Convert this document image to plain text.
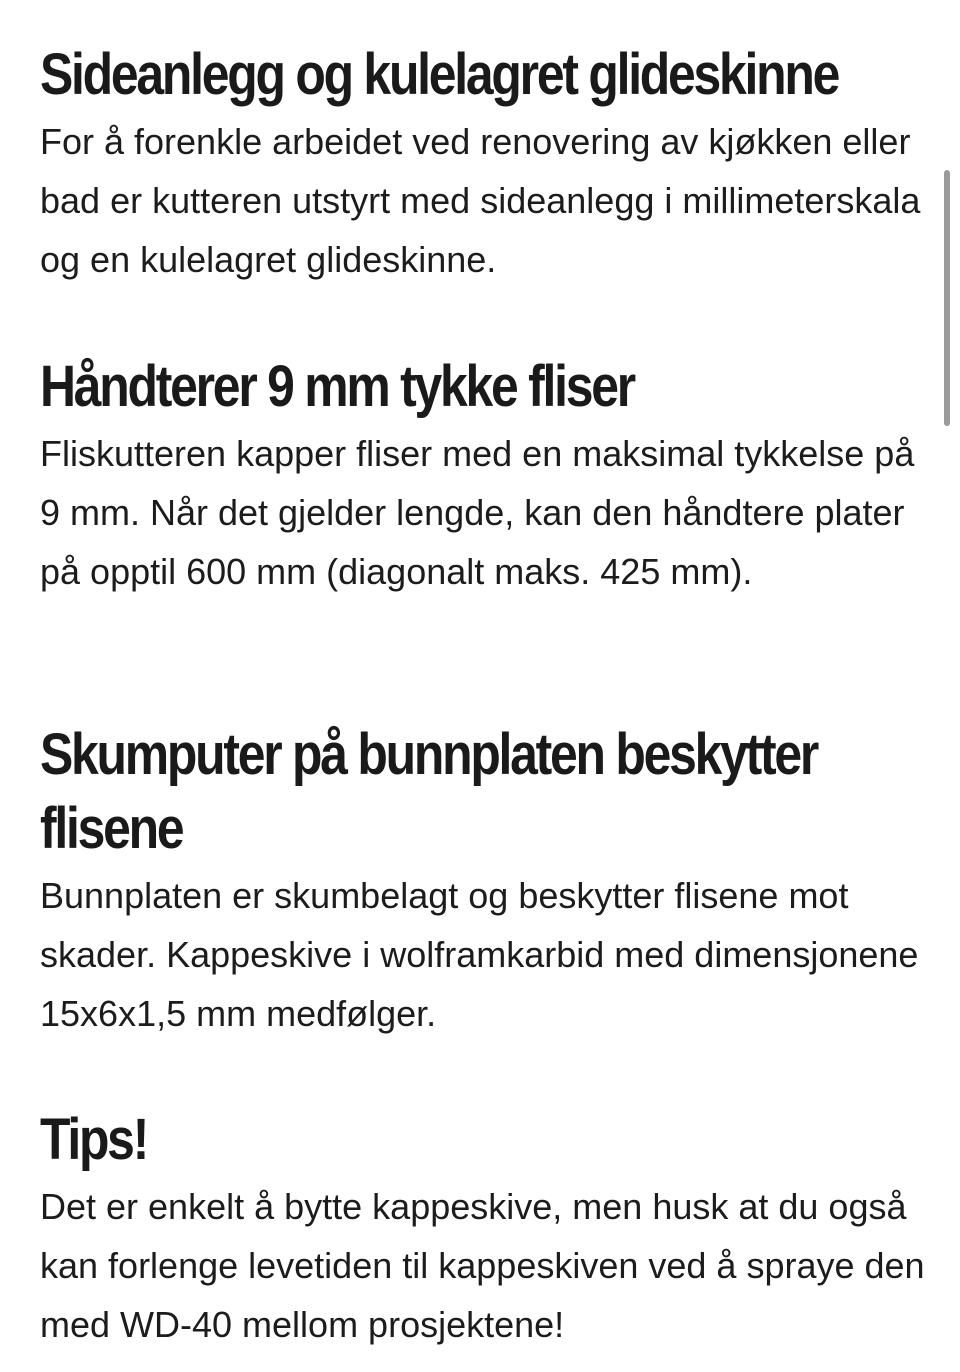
Sideanlegg og kulelagret glideskinne

For å forenkle arbeidet ved renovering av kjøkken eller bad er kutteren utstyrt med sideanlegg i millimeterskala og en kulelagret glideskinne.

Håndterer 9 mm tykke fliser

Fliskutteren kapper fliser med en maksimal tykkelse på 9 mm. Når det gjelder lengde, kan den håndtere plater på opptil 600 mm (diagonalt maks. 425 mm).

Skumputer på bunnplaten beskytter flisene

Bunnplaten er skumbelagt og beskytter flisene mot skader. Kappeskive i wolframkarbid med dimensjonene 15x6x1,5 mm medfølger.

Tips!

Det er enkelt å bytte kappeskive, men husk at du også kan forlenge levetiden til kappeskiven ved å spraye den med WD-40 mellom prosjektene!
